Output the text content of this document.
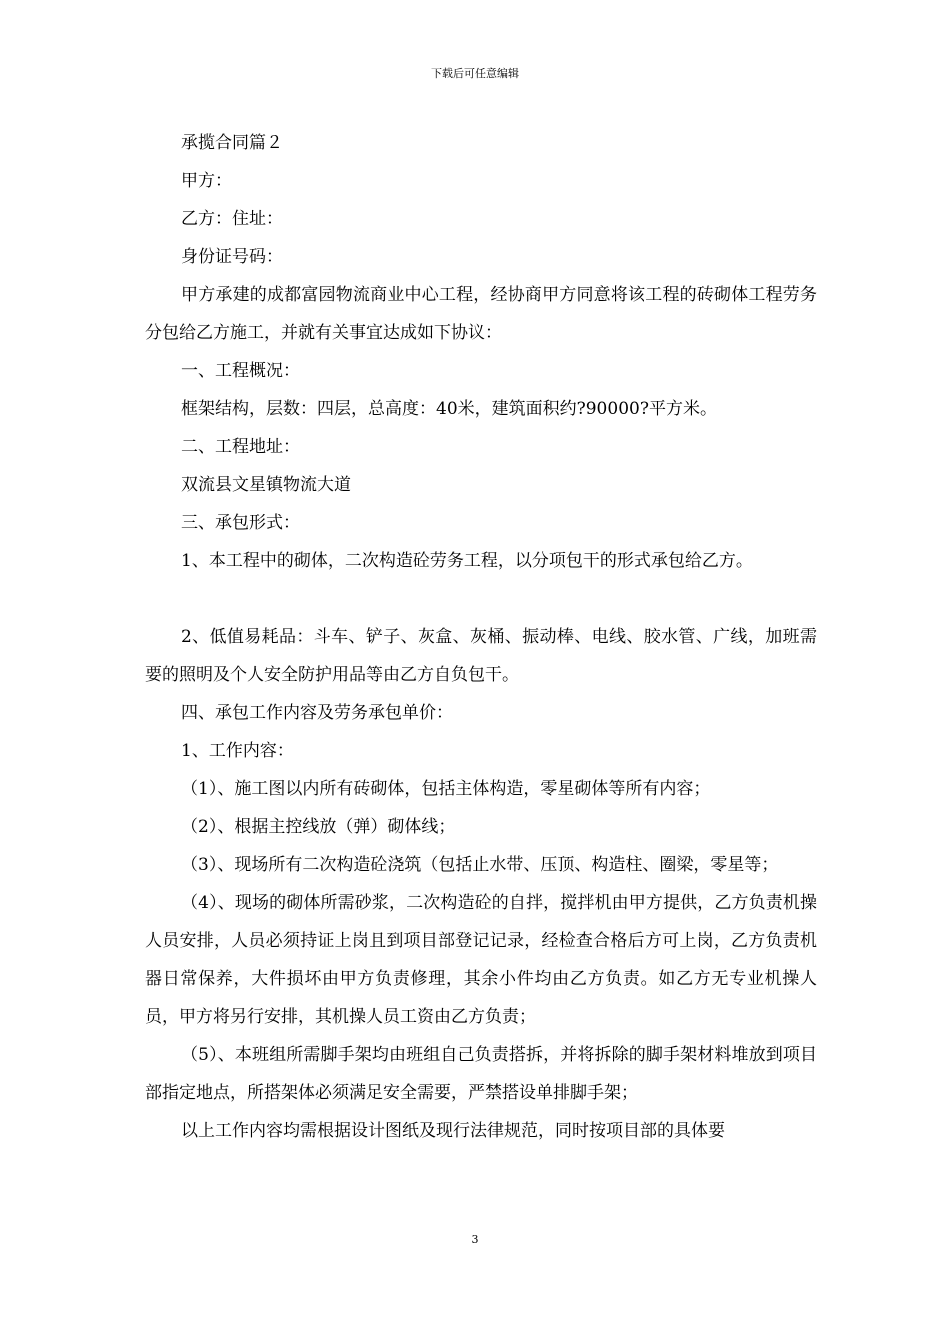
下载后可任意编辑

承揽合同篇２

甲方：

乙方：住址：

身份证号码：

甲方承建的成都富园物流商业中心工程，经协商甲方同意将该工程的砖砌体工程劳务分包给乙方施工，并就有关事宜达成如下协议：

一、工程概况：

框架结构，层数：四层，总高度：40米，建筑面积约?90000?平方米。

二、工程地址：

双流县文星镇物流大道

三、承包形式：

1、本工程中的砌体，二次构造砼劳务工程，以分项包干的形式承包给乙方。

2、低值易耗品：斗车、铲子、灰盒、灰桶、振动棒、电线、胶水管、广线，加班需要的照明及个人安全防护用品等由乙方自负包干。

四、承包工作内容及劳务承包单价：

1、工作内容：

（1）、施工图以内所有砖砌体，包括主体构造，零星砌体等所有内容；

（2）、根据主控线放（弹）砌体线；

（3）、现场所有二次构造砼浇筑（包括止水带、压顶、构造柱、圈梁，零星等；

（4）、现场的砌体所需砂浆，二次构造砼的自拌，搅拌机由甲方提供，乙方负责机操人员安排，人员必须持证上岗且到项目部登记记录，经检查合格后方可上岗，乙方负责机器日常保养，大件损坏由甲方负责修理，其余小件均由乙方负责。如乙方无专业机操人员，甲方将另行安排，其机操人员工资由乙方负责；

（5）、本班组所需脚手架均由班组自己负责搭拆，并将拆除的脚手架材料堆放到项目部指定地点，所搭架体必须满足安全需要，严禁搭设单排脚手架；

以上工作内容均需根据设计图纸及现行法律规范，同时按项目部的具体要

3
